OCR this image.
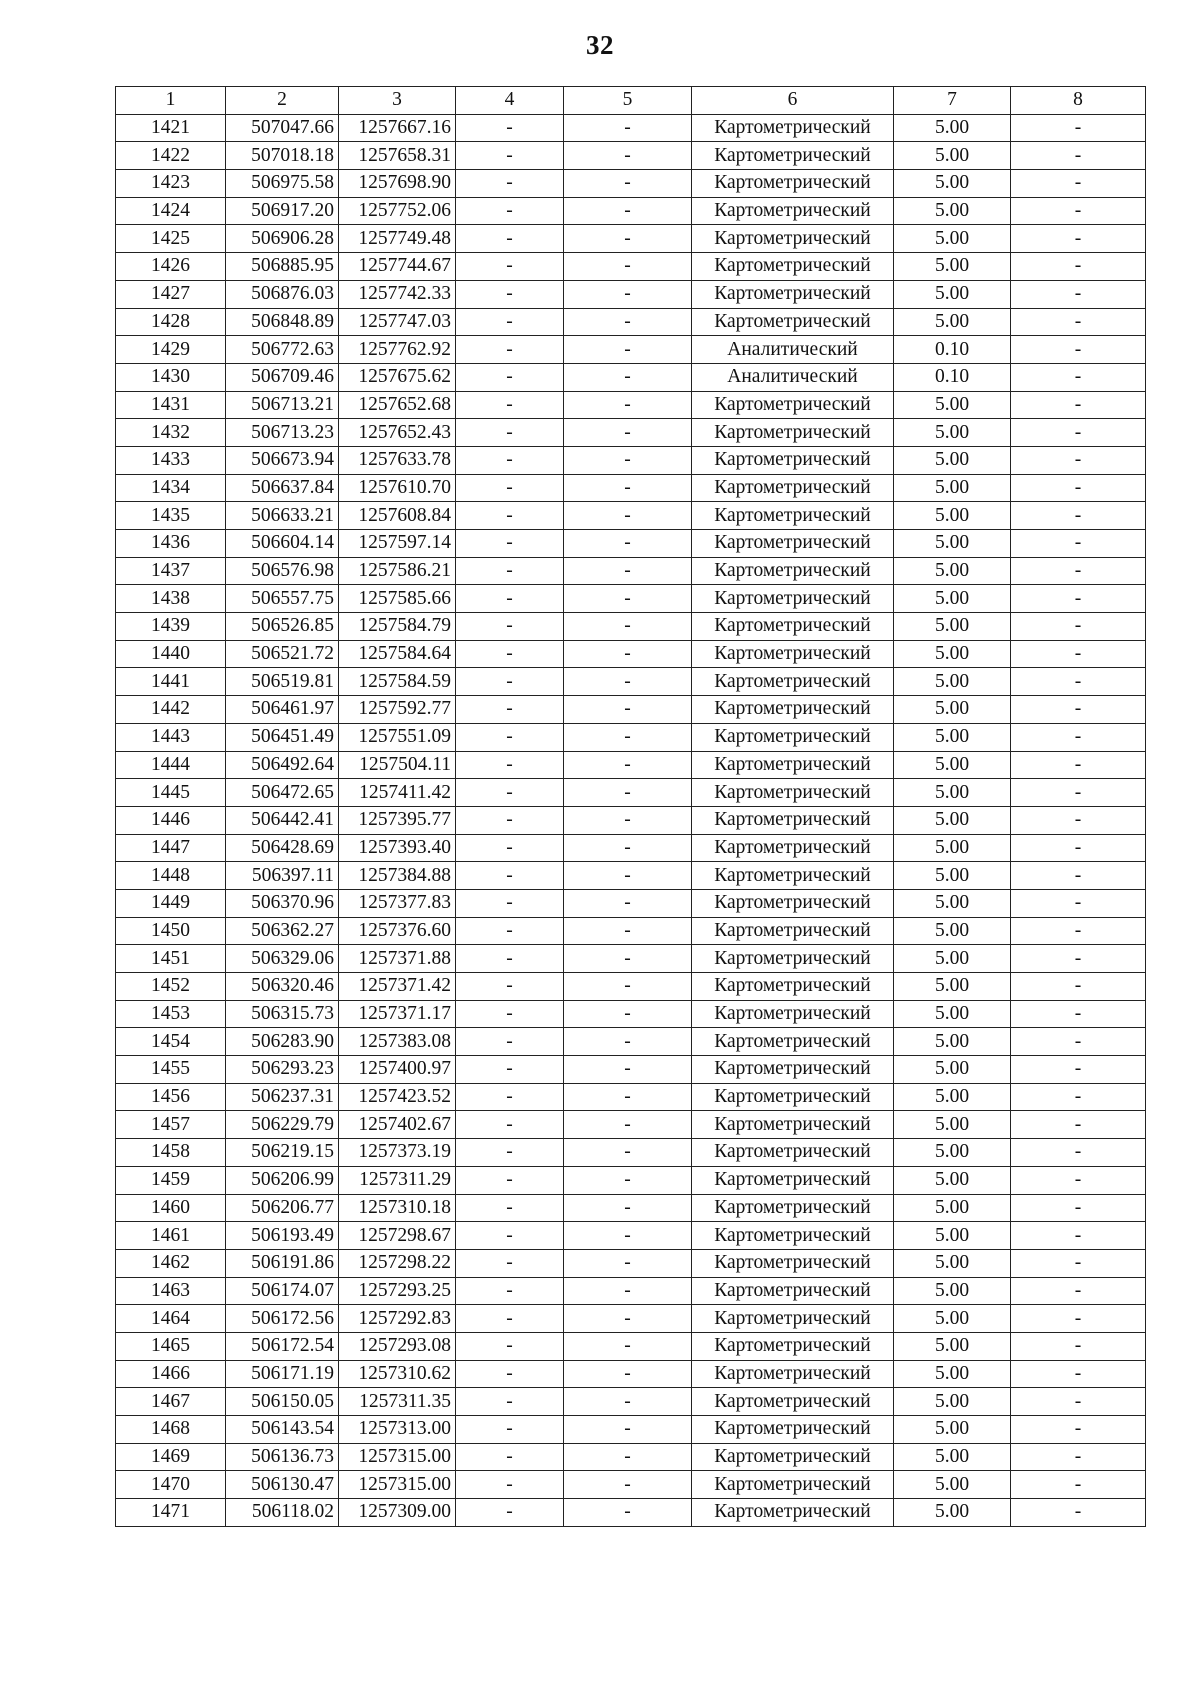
32
1	2	3	4	5	6	7	8
1421	507047.66	1257667.16	-	-	Картометрический	5.00	-
1422	507018.18	1257658.31	-	-	Картометрический	5.00	-
1423	506975.58	1257698.90	-	-	Картометрический	5.00	-
1424	506917.20	1257752.06	-	-	Картометрический	5.00	-
1425	506906.28	1257749.48	-	-	Картометрический	5.00	-
1426	506885.95	1257744.67	-	-	Картометрический	5.00	-
1427	506876.03	1257742.33	-	-	Картометрический	5.00	-
1428	506848.89	1257747.03	-	-	Картометрический	5.00	-
1429	506772.63	1257762.92	-	-	Аналитический	0.10	-
1430	506709.46	1257675.62	-	-	Аналитический	0.10	-
1431	506713.21	1257652.68	-	-	Картометрический	5.00	-
1432	506713.23	1257652.43	-	-	Картометрический	5.00	-
1433	506673.94	1257633.78	-	-	Картометрический	5.00	-
1434	506637.84	1257610.70	-	-	Картометрический	5.00	-
1435	506633.21	1257608.84	-	-	Картометрический	5.00	-
1436	506604.14	1257597.14	-	-	Картометрический	5.00	-
1437	506576.98	1257586.21	-	-	Картометрический	5.00	-
1438	506557.75	1257585.66	-	-	Картометрический	5.00	-
1439	506526.85	1257584.79	-	-	Картометрический	5.00	-
1440	506521.72	1257584.64	-	-	Картометрический	5.00	-
1441	506519.81	1257584.59	-	-	Картометрический	5.00	-
1442	506461.97	1257592.77	-	-	Картометрический	5.00	-
1443	506451.49	1257551.09	-	-	Картометрический	5.00	-
1444	506492.64	1257504.11	-	-	Картометрический	5.00	-
1445	506472.65	1257411.42	-	-	Картометрический	5.00	-
1446	506442.41	1257395.77	-	-	Картометрический	5.00	-
1447	506428.69	1257393.40	-	-	Картометрический	5.00	-
1448	506397.11	1257384.88	-	-	Картометрический	5.00	-
1449	506370.96	1257377.83	-	-	Картометрический	5.00	-
1450	506362.27	1257376.60	-	-	Картометрический	5.00	-
1451	506329.06	1257371.88	-	-	Картометрический	5.00	-
1452	506320.46	1257371.42	-	-	Картометрический	5.00	-
1453	506315.73	1257371.17	-	-	Картометрический	5.00	-
1454	506283.90	1257383.08	-	-	Картометрический	5.00	-
1455	506293.23	1257400.97	-	-	Картометрический	5.00	-
1456	506237.31	1257423.52	-	-	Картометрический	5.00	-
1457	506229.79	1257402.67	-	-	Картометрический	5.00	-
1458	506219.15	1257373.19	-	-	Картометрический	5.00	-
1459	506206.99	1257311.29	-	-	Картометрический	5.00	-
1460	506206.77	1257310.18	-	-	Картометрический	5.00	-
1461	506193.49	1257298.67	-	-	Картометрический	5.00	-
1462	506191.86	1257298.22	-	-	Картометрический	5.00	-
1463	506174.07	1257293.25	-	-	Картометрический	5.00	-
1464	506172.56	1257292.83	-	-	Картометрический	5.00	-
1465	506172.54	1257293.08	-	-	Картометрический	5.00	-
1466	506171.19	1257310.62	-	-	Картометрический	5.00	-
1467	506150.05	1257311.35	-	-	Картометрический	5.00	-
1468	506143.54	1257313.00	-	-	Картометрический	5.00	-
1469	506136.73	1257315.00	-	-	Картометрический	5.00	-
1470	506130.47	1257315.00	-	-	Картометрический	5.00	-
1471	506118.02	1257309.00	-	-	Картометрический	5.00	-
